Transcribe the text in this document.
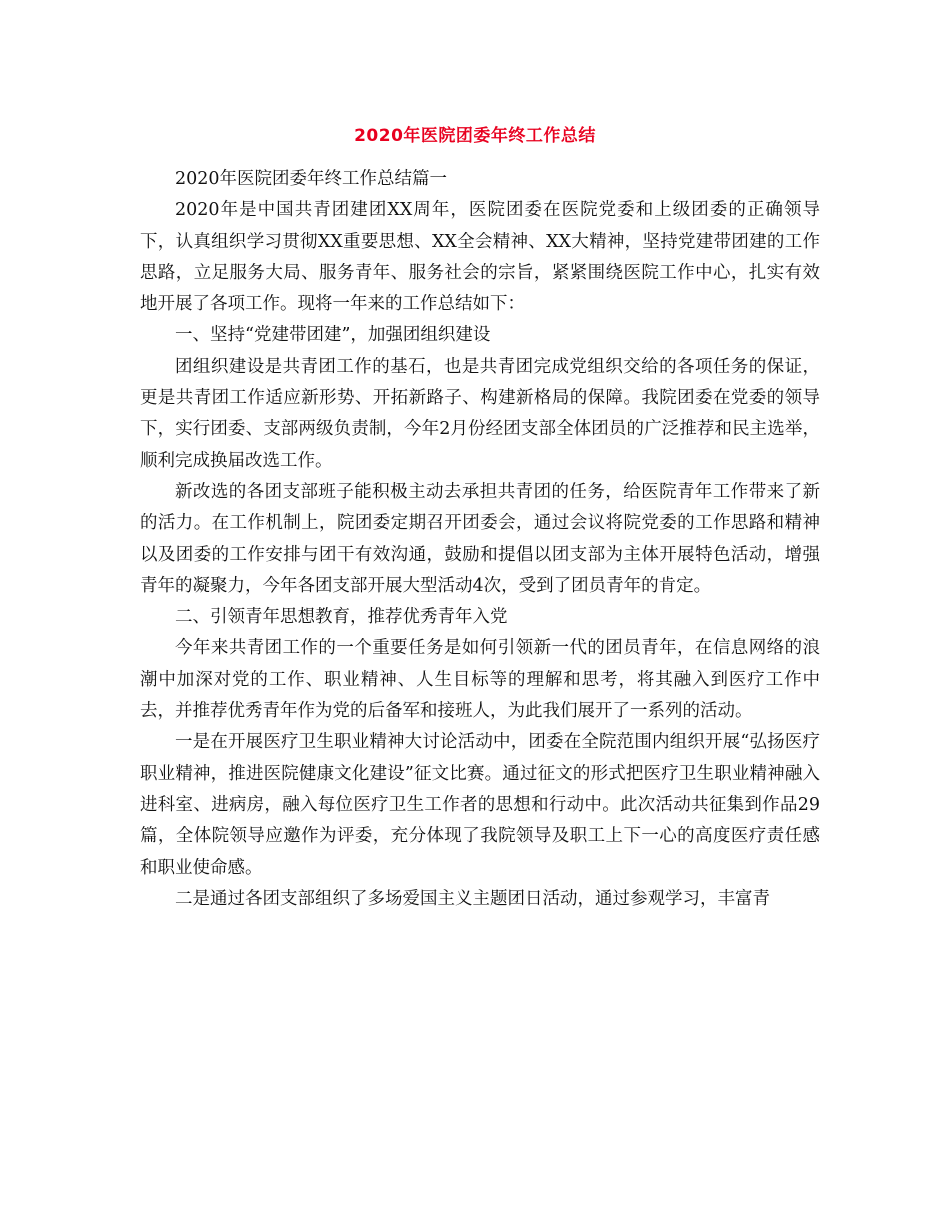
2020年医院团委年终工作总结

2020年医院团委年终工作总结篇一

2020年是中国共青团建团XX周年，医院团委在医院党委和上级团委的正确领导下，认真组织学习贯彻XX重要思想、XX全会精神、XX大精神，坚持党建带团建的工作思路，立足服务大局、服务青年、服务社会的宗旨，紧紧围绕医院工作中心，扎实有效地开展了各项工作。现将一年来的工作总结如下：

一、坚持“党建带团建”，加强团组织建设

团组织建设是共青团工作的基石，也是共青团完成党组织交给的各项任务的保证，更是共青团工作适应新形势、开拓新路子、构建新格局的保障。我院团委在党委的领导下，实行团委、支部两级负责制，今年2月份经团支部全体团员的广泛推荐和民主选举，顺利完成换届改选工作。

新改选的各团支部班子能积极主动去承担共青团的任务，给医院青年工作带来了新的活力。在工作机制上，院团委定期召开团委会，通过会议将院党委的工作思路和精神以及团委的工作安排与团干有效沟通，鼓励和提倡以团支部为主体开展特色活动，增强青年的凝聚力，今年各团支部开展大型活动4次，受到了团员青年的肯定。

二、引领青年思想教育，推荐优秀青年入党

今年来共青团工作的一个重要任务是如何引领新一代的团员青年，在信息网络的浪潮中加深对党的工作、职业精神、人生目标等的理解和思考，将其融入到医疗工作中去，并推荐优秀青年作为党的后备军和接班人，为此我们展开了一系列的活动。

一是在开展医疗卫生职业精神大讨论活动中，团委在全院范围内组织开展“弘扬医疗职业精神，推进医院健康文化建设”征文比赛。通过征文的形式把医疗卫生职业精神融入进科室、进病房，融入每位医疗卫生工作者的思想和行动中。此次活动共征集到作品29篇，全体院领导应邀作为评委，充分体现了我院领导及职工上下一心的高度医疗责任感和职业使命感。

二是通过各团支部组织了多场爱国主义主题团日活动，通过参观学习，丰富青
